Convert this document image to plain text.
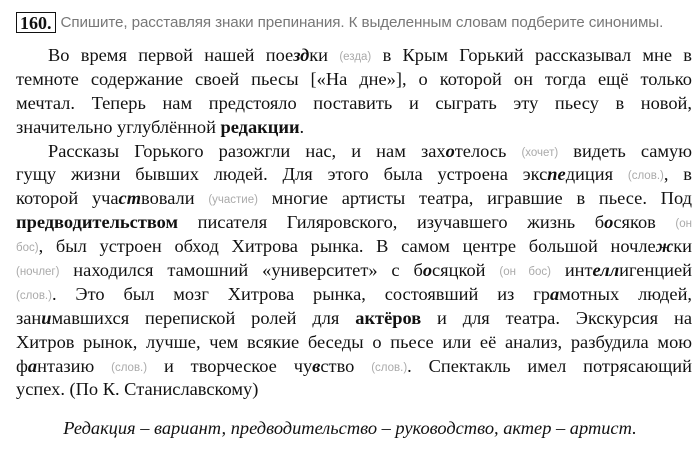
160. Спишите, расставляя знаки препинания. К выделенным словам подберите синонимы.
Во время первой нашей поездки (езда) в Крым Горький рассказывал мне в
темноте содержание своей пьесы [«На дне»], о которой он тогда ещё только
мечтал. Теперь нам предстояло поставить и сыграть эту пьесу в новой,
значительно углублённой редакции.
Рассказы Горького разожгли нас, и нам захотелось (хочет) видеть самую
гущу жизни бывших людей. Для этого была устроена экспедиция (слов.), в
которой участвовали (участие) многие артисты театра, игравшие в пьесе. Под
предводительством писателя Гиляровского, изучавшего жизнь босяков (он
бос), был устроен обход Хитрова рынка. В самом центре большой ночлежки
(ночлег) находился тамошний «университет» с босяцкой (он бос) интеллигенцией
(слов.). Это был мозг Хитрова рынка, состоявший из грамотных людей,
занимавшихся перепиской ролей для актёров и для театра. Экскурсия на
Хитров рынок, лучше, чем всякие беседы о пьесе или её анализ, разбудила мою
фантазию (слов.) и творческое чувство (слов.). Спектакль имел потрясающий
успех. (По К. Станиславскому)
Редакция – вариант, предводительство – руководство, актер – артист.
